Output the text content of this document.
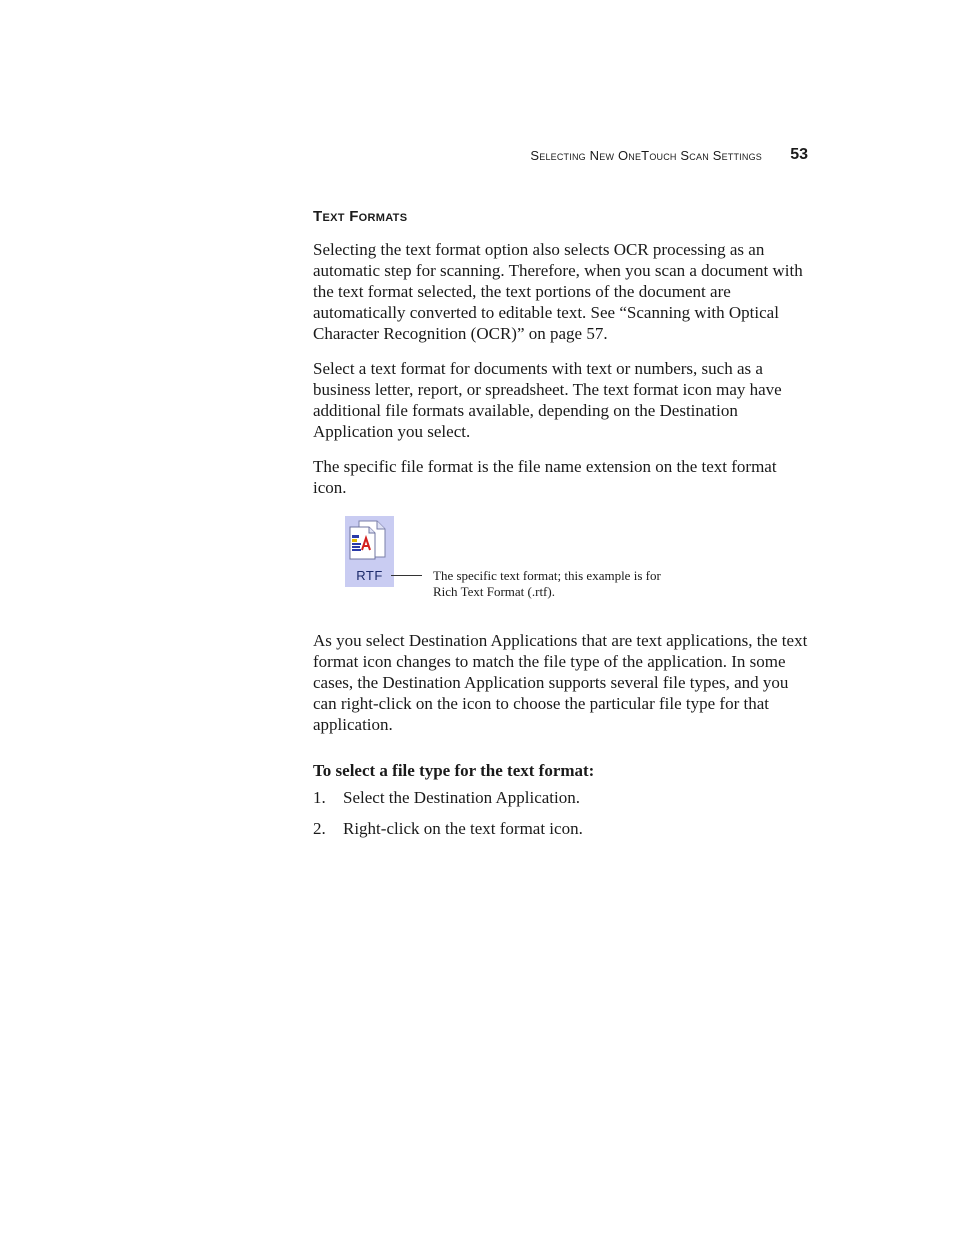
Selecting New OneTouch Scan Settings 53
Text Formats

Selecting the text format option also selects OCR processing as an automatic step for scanning. Therefore, when you scan a document with the text format selected, the text portions of the document are automatically converted to editable text. See “Scanning with Optical Character Recognition (OCR)” on page 57.

Select a text format for documents with text or numbers, such as a business letter, report, or spreadsheet. The text format icon may have additional file formats available, depending on the Destination Application you select.

The specific file format is the file name extension on the text format icon.

RTF	The specific text format; this example is for Rich Text Format (.rtf).

As you select Destination Applications that are text applications, the text format icon changes to match the file type of the application. In some cases, the Destination Application supports several file types, and you can right-click on the icon to choose the particular file type for that application.

To select a file type for the text format:
1.	Select the Destination Application.
2.	Right-click on the text format icon.
